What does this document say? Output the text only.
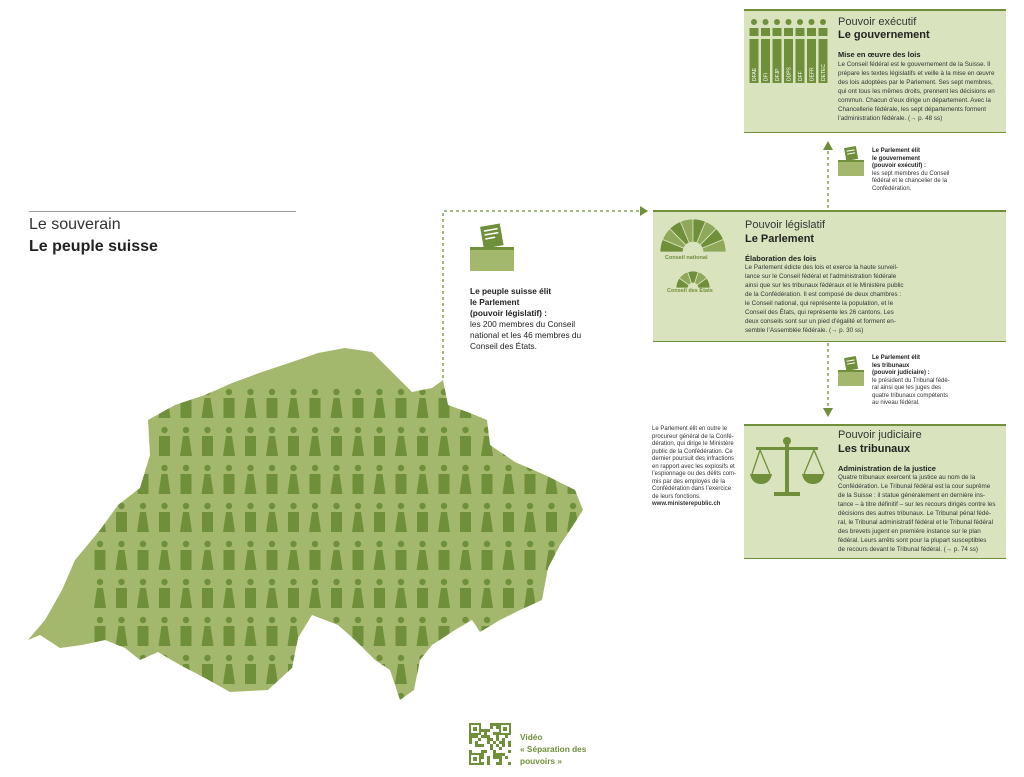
Le souverain
Le peuple suisse
Le peuple suisse élit
le Parlement
(pouvoir législatif) :
les 200 membres du Conseil
national et les 46 membres du
Conseil des États.
DFAE DFI DFJP DDPS DFF DEFR DETEC
Pouvoir exécutif
Le gouvernement
Mise en œuvre des lois
Le Conseil fédéral est le gouvernement de la Suisse. Il
prépare les textes législatifs et veille à la mise en œuvre
des lois adoptées par le Parlement. Ses sept membres,
qui ont tous les mêmes droits, prennent les décisions en
commun. Chacun d’eux dirige un département. Avec la
Chancellerie fédérale, les sept départements forment
l’administration fédérale. (→ p. 48 ss)
Le Parlement élit
le gouvernement
(pouvoir exécutif) :
les sept membres du Conseil
fédéral et le chancelier de la
Confédération.
Le Parlement élit
les tribunaux
(pouvoir judiciaire) :
le président du Tribunal fédé-
ral ainsi que les juges des
quatre tribunaux compétents
au niveau fédéral.
Conseil national
Conseil des États
Pouvoir législatif
Le Parlement
Élaboration des lois
Le Parlement édicte des lois et exerce la haute surveil-
lance sur le Conseil fédéral et l’administration fédérale
ainsi que sur les tribunaux fédéraux et le Ministère public
de la Confédération. Il est composé de deux chambres :
le Conseil national, qui représente la population, et le
Conseil des États, qui représente les 26 cantons. Les
deux conseils sont sur un pied d’égalité et forment en-
semble l’Assemblée fédérale. (→ p. 30 ss)
Le Parlement élit en outre le
procureur général de la Confé-
dération, qui dirige le Ministère
public de la Confédération. Ce
dernier poursuit des infractions
en rapport avec les explosifs et
l’espionnage ou des délits com-
mis par des employés de la
Confédération dans l’exercice
de leurs fonctions.
www.ministerepublic.ch
Pouvoir judiciaire
Les tribunaux
Administration de la justice
Quatre tribunaux exercent la justice au nom de la
Confédération. Le Tribunal fédéral est la cour suprême
de la Suisse : il statue généralement en dernière ins-
tance – à titre définitif – sur les recours dirigés contre les
décisions des autres tribunaux. Le Tribunal pénal fédé-
ral, le Tribunal administratif fédéral et le Tribunal fédéral
des brevets jugent en première instance sur le plan
fédéral. Leurs arrêts sont pour la plupart susceptibles
de recours devant le Tribunal fédéral. (→ p. 74 ss)
Vidéo
« Séparation des
pouvoirs »
